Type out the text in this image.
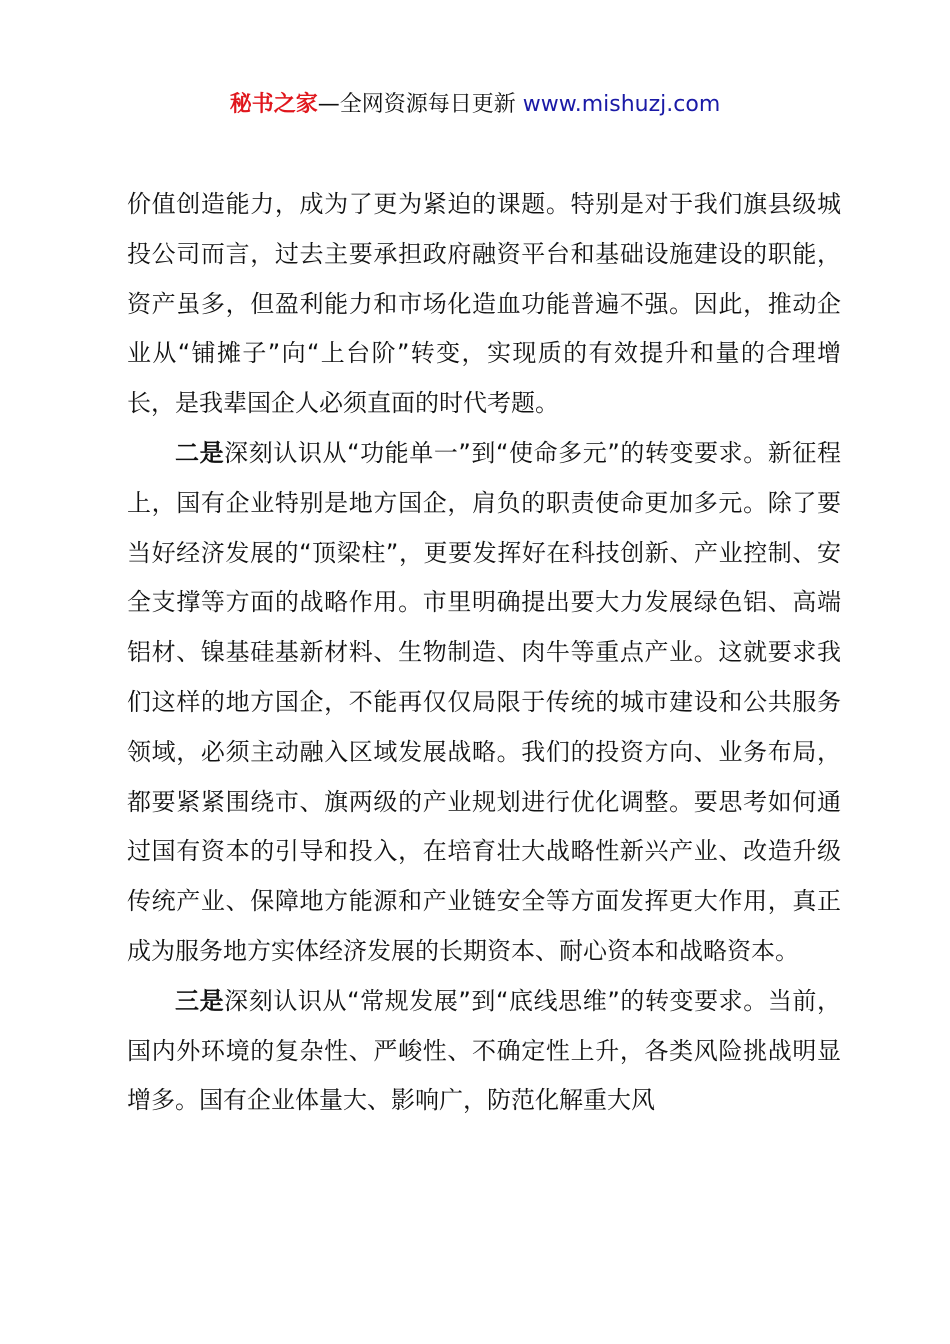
秘书之家—全网资源每日更新 www.mishuzj.com

价值创造能力，成为了更为紧迫的课题。特别是对于我们旗县级城投公司而言，过去主要承担政府融资平台和基础设施建设的职能，资产虽多，但盈利能力和市场化造血功能普遍不强。因此，推动企业从“铺摊子”向“上台阶”转变，实现质的有效提升和量的合理增长，是我辈国企人必须直面的时代考题。

二是深刻认识从“功能单一”到“使命多元”的转变要求。新征程上，国有企业特别是地方国企，肩负的职责使命更加多元。除了要当好经济发展的“顶梁柱”，更要发挥好在科技创新、产业控制、安全支撑等方面的战略作用。市里明确提出要大力发展绿色铝、高端铝材、镍基硅基新材料、生物制造、肉牛等重点产业。这就要求我们这样的地方国企，不能再仅仅局限于传统的城市建设和公共服务领域，必须主动融入区域发展战略。我们的投资方向、业务布局，都要紧紧围绕市、旗两级的产业规划进行优化调整。要思考如何通过国有资本的引导和投入，在培育壮大战略性新兴产业、改造升级传统产业、保障地方能源和产业链安全等方面发挥更大作用，真正成为服务地方实体经济发展的长期资本、耐心资本和战略资本。

三是深刻认识从“常规发展”到“底线思维”的转变要求。当前，国内外环境的复杂性、严峻性、不确定性上升，各类风险挑战明显增多。国有企业体量大、影响广，防范化解重大风
